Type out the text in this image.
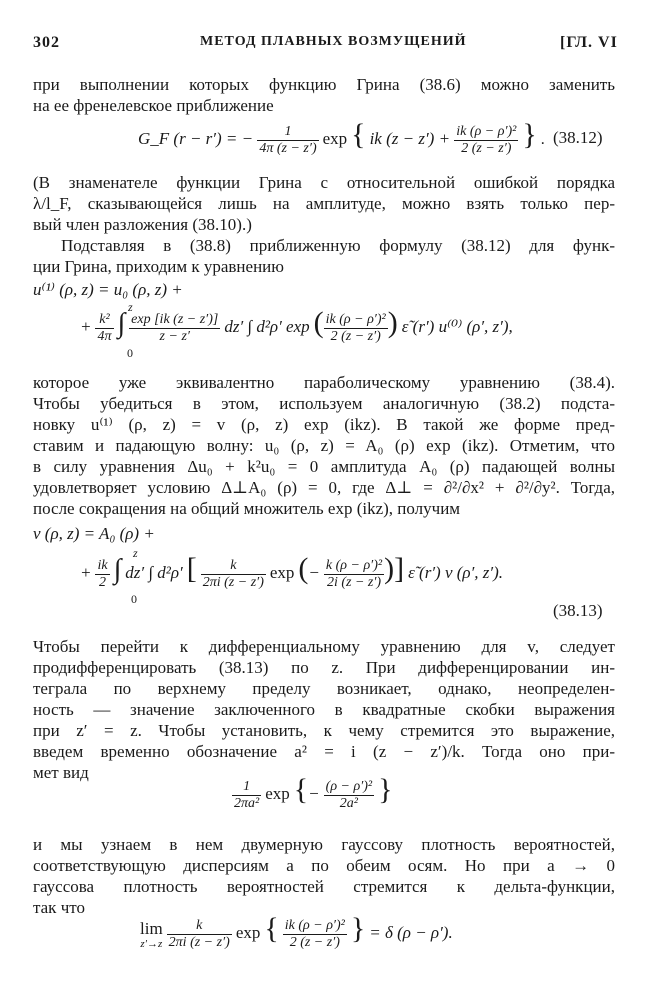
302	МЕТОД ПЛАВНЫХ ВОЗМУЩЕНИЙ	[ГЛ. VI
при выполнении которых функцию Грина (38.6) можно заменить
на ее френелевское приближение
G_F (r − r′) = − $\frac{1}{4\pi (z - z')}$ exp { ik $(z - z') + \frac{\text{ik (ρ − ρ′)²}}{2 (z - z')}$ } . (38.12)
(В знаменателе функции Грина с относительной ошибкой порядка
λ/l_F, сказывающейся лишь на амплитуде, можно взять только пер-
вый член разложения (38.10).)
Подставляя в (38.8) приближенную формулу (38.12) для функ-
ции Грина, приходим к уравнению
u⁽¹⁾ (ρ, z) = u₀ (ρ, z) +
+ $\frac{\text{k²}}{4\pi}$ ∫ $\frac{\exp [ik (z - z')]}{z - z'} dz'$ ∫ d²ρ′ exp ( $\frac{\text{ik (ρ − ρ′)²}}{2 (z - z')}$ ) ε̃ (r′) u⁽⁰⁾ (ρ′, z′),
z
0
которое уже эквивалентно параболическому уравнению (38.4).
Чтобы убедиться в этом, используем аналогичную (38.2) подста-
новку u⁽¹⁾ (ρ, z) = v (ρ, z) exp (ikz). В такой же форме пред-
ставим и падающую волну: u₀ (ρ, z) = A₀ (ρ) exp (ikz). Отметим, что
в силу уравнения Δu₀ + k²u₀ = 0 амплитуда A₀ (ρ) падающей волны
удовлетворяет условию Δ⊥A₀ (ρ) = 0, где Δ⊥ = ∂²/∂x² + ∂²/∂y². Тогда,
после сокращения на общий множитель exp (ikz), получим
v (ρ, z) = A₀ (ρ) +
+ $\frac{ik}{2}$ ∫ dz′ ∫ d²ρ′ [ $\frac{k}{2\pi i (z - z')}$ exp (− $\frac{\text{k (ρ − ρ′)²}}{2i (z - z')}$ )] ε̃ (r′) v (ρ′, z′).
z
0
(38.13)
Чтобы перейти к дифференциальному уравнению для v, следует
продифференцировать (38.13) по z. При дифференцировании ин-
теграла по верхнему пределу возникает, однако, неопределен-
ность — значение заключенного в квадратные скобки выражения
при z′ = z. Чтобы установить, к чему стремится это выражение,
введем временно обозначение a² = i (z − z′)/k. Тогда оно при-
мет вид
$\frac{1}{\text{2πa²}}$ exp {− $\frac{\text{(ρ − ρ′)²}}{\text{2a²}}$ }
и мы узнаем в нем двумерную гауссову плотность вероятностей,
соответствующую дисперсиям a по обеим осям. Но при a → 0
гауссова плотность вероятностей стремится к дельта-функции,
так что
lim
z′→z
$\frac{k}{2\pi i (z - z')}$ exp { $\frac{\text{ik (ρ − ρ′)²}}{2 (z - z')}$ } = δ (ρ − ρ′).
